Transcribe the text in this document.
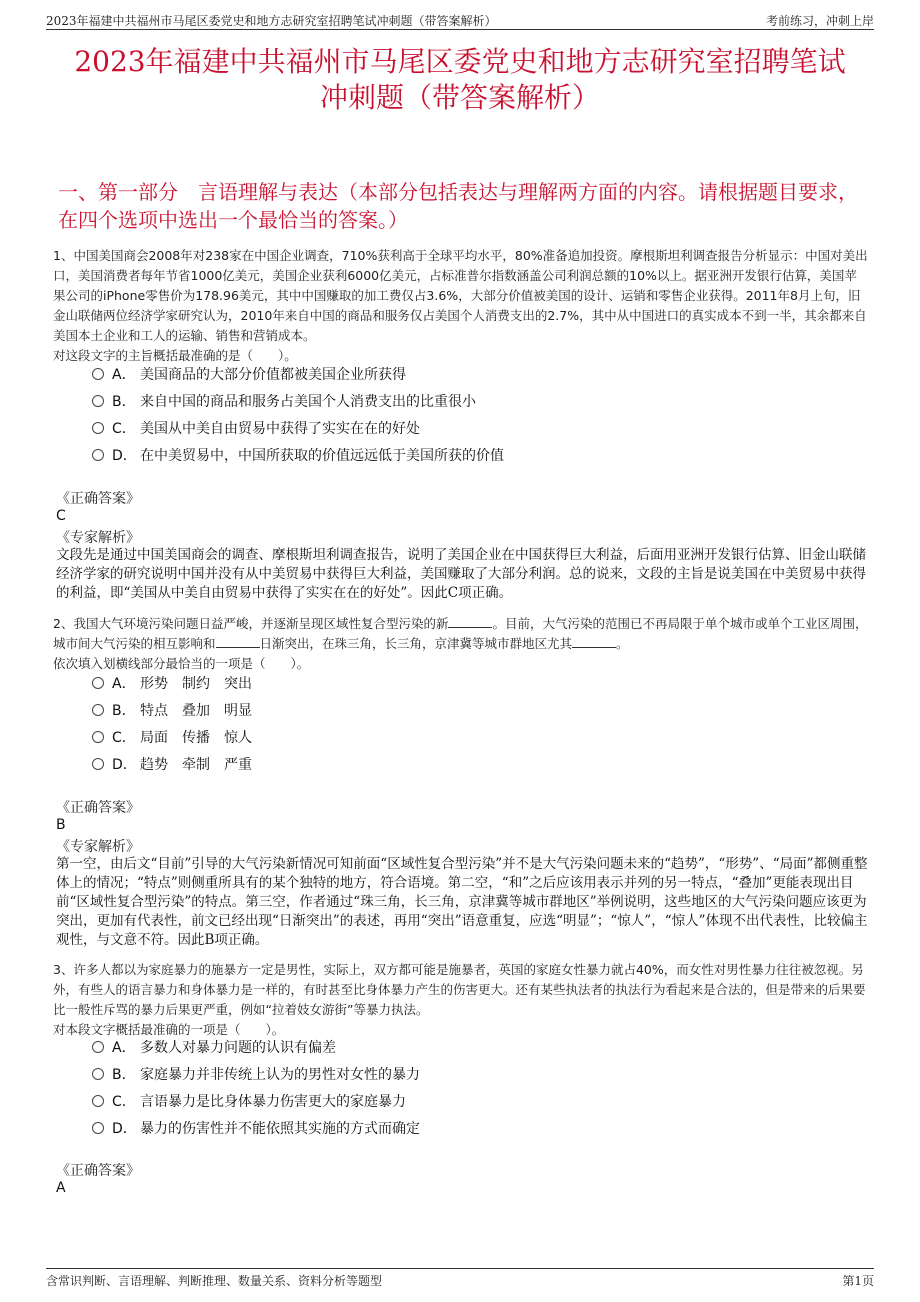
2023年福建中共福州市马尾区委党史和地方志研究室招聘笔试冲刺题（带答案解析）	考前练习，冲刺上岸
2023年福建中共福州市马尾区委党史和地方志研究室招聘笔试
冲刺题（带答案解析）
一、第一部分　言语理解与表达（本部分包括表达与理解两方面的内容。请根据题目要求，在四个选项中选出一个最恰当的答案。）

1、中国美国商会2008年对238家在中国企业调查，710%获利高于全球平均水平，80%准备追加投资。摩根斯坦利调查报告分析显示：中国对美出口，美国消费者每年节省1000亿美元，美国企业获利6000亿美元，占标准普尔指数涵盖公司利润总额的10%以上。据亚洲开发银行估算，美国苹果公司的iPhone零售价为178.96美元，其中中国赚取的加工费仅占3.6%，大部分价值被美国的设计、运销和零售企业获得。2011年8月上旬，旧金山联储两位经济学家研究认为，2010年来自中国的商品和服务仅占美国个人消费支出的2.7%，其中从中国进口的真实成本不到一半，其余都来自美国本土企业和工人的运输、销售和营销成本。

对这段文字的主旨概括最准确的是（　　）。

A． 美国商品的大部分价值都被美国企业所获得
B． 来自中国的商品和服务占美国个人消费支出的比重很小
C． 美国从中美自由贸易中获得了实实在在的好处
D． 在中美贸易中，中国所获取的价值远远低于美国所获的价值
《正确答案》
C
《专家解析》

文段先是通过中国美国商会的调查、摩根斯坦利调查报告，说明了美国企业在中国获得巨大利益，后面用亚洲开发银行估算、旧金山联储经济学家的研究说明中国并没有从中美贸易中获得巨大利益，美国赚取了大部分利润。总的说来，文段的主旨是说美国在中美贸易中获得的利益，即“美国从中美自由贸易中获得了实实在在的好处”。因此C项正确。

2、我国大气环境污染问题日益严峻，并逐渐呈现区域性复合型污染的新	。目前，大气污染的范围已不再局限于单个城市或单个工业区周围，城市间大气污染的相互影响和	日渐突出，在珠三角，长三角，京津冀等城市群地区尤其	。

依次填入划横线部分最恰当的一项是（　　）。

A． 形势　制约　突出
B． 特点　叠加　明显
C． 局面　传播　惊人
D． 趋势　牵制　严重
《正确答案》
B
《专家解析》

第一空，由后文“目前”引导的大气污染新情况可知前面“区域性复合型污染”并不是大气污染问题未来的“趋势”，“形势”、“局面”都侧重整体上的情况；“特点”则侧重所具有的某个独特的地方，符合语境。第二空，“和”之后应该用表示并列的另一特点，“叠加”更能表现出目前“区域性复合型污染”的特点。第三空，作者通过“珠三角，长三角，京津冀等城市群地区”举例说明，这些地区的大气污染问题应该更为突出，更加有代表性，前文已经出现“日渐突出”的表述，再用“突出”语意重复，应选“明显”；“惊人”，“惊人”体现不出代表性，比较偏主观性，与文意不符。因此B项正确。

3、许多人都以为家庭暴力的施暴方一定是男性，实际上，双方都可能是施暴者，英国的家庭女性暴力就占40%，而女性对男性暴力往往被忽视。另外，有些人的语言暴力和身体暴力是一样的，有时甚至比身体暴力产生的伤害更大。还有某些执法者的执法行为看起来是合法的，但是带来的后果要比一般性斥骂的暴力后果更严重，例如“拉着妓女游街”等暴力执法。

对本段文字概括最准确的一项是（　　）。

A． 多数人对暴力问题的认识有偏差
B． 家庭暴力并非传统上认为的男性对女性的暴力
C． 言语暴力是比身体暴力伤害更大的家庭暴力
D． 暴力的伤害性并不能依照其实施的方式而确定
《正确答案》
A
含常识判断、言语理解、判断推理、数量关系、资料分析等题型	第1页
